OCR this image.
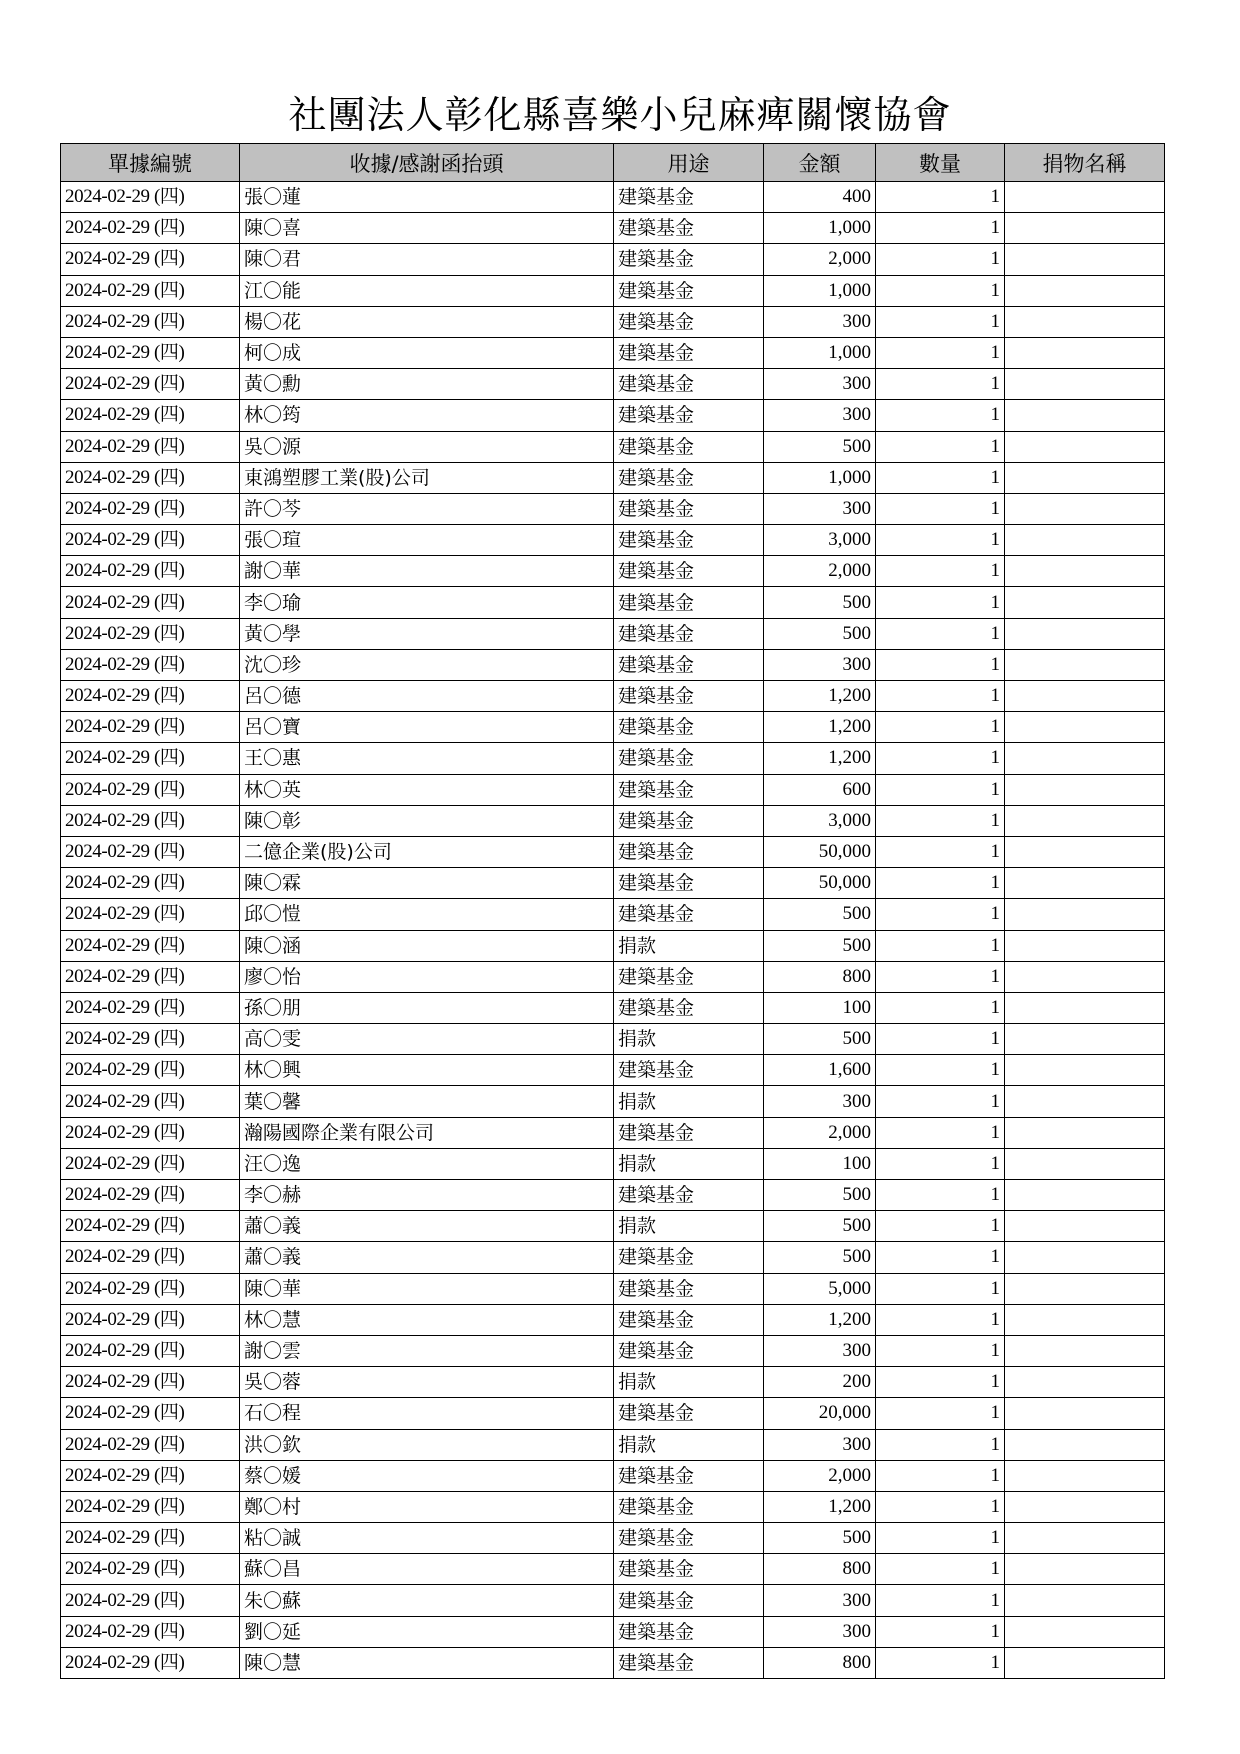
社團法人彰化縣喜樂小兒麻痺關懷協會
單據編號	收據/感謝函抬頭	用途	金額	數量	捐物名稱
2024-02-29 (四)	張〇蓮	建築基金	400	1	
2024-02-29 (四)	陳〇喜	建築基金	1,000	1	
2024-02-29 (四)	陳〇君	建築基金	2,000	1	
2024-02-29 (四)	江〇能	建築基金	1,000	1	
2024-02-29 (四)	楊〇花	建築基金	300	1	
2024-02-29 (四)	柯〇成	建築基金	1,000	1	
2024-02-29 (四)	黃〇勳	建築基金	300	1	
2024-02-29 (四)	林〇筠	建築基金	300	1	
2024-02-29 (四)	吳〇源	建築基金	500	1	
2024-02-29 (四)	東鴻塑膠工業(股)公司	建築基金	1,000	1	
2024-02-29 (四)	許〇芩	建築基金	300	1	
2024-02-29 (四)	張〇瑄	建築基金	3,000	1	
2024-02-29 (四)	謝〇華	建築基金	2,000	1	
2024-02-29 (四)	李〇瑜	建築基金	500	1	
2024-02-29 (四)	黃〇學	建築基金	500	1	
2024-02-29 (四)	沈〇珍	建築基金	300	1	
2024-02-29 (四)	呂〇德	建築基金	1,200	1	
2024-02-29 (四)	呂〇寶	建築基金	1,200	1	
2024-02-29 (四)	王〇惠	建築基金	1,200	1	
2024-02-29 (四)	林〇英	建築基金	600	1	
2024-02-29 (四)	陳〇彰	建築基金	3,000	1	
2024-02-29 (四)	二億企業(股)公司	建築基金	50,000	1	
2024-02-29 (四)	陳〇霖	建築基金	50,000	1	
2024-02-29 (四)	邱〇愷	建築基金	500	1	
2024-02-29 (四)	陳〇涵	捐款	500	1	
2024-02-29 (四)	廖〇怡	建築基金	800	1	
2024-02-29 (四)	孫〇朋	建築基金	100	1	
2024-02-29 (四)	高〇雯	捐款	500	1	
2024-02-29 (四)	林〇興	建築基金	1,600	1	
2024-02-29 (四)	葉〇馨	捐款	300	1	
2024-02-29 (四)	瀚陽國際企業有限公司	建築基金	2,000	1	
2024-02-29 (四)	汪〇逸	捐款	100	1	
2024-02-29 (四)	李〇赫	建築基金	500	1	
2024-02-29 (四)	蕭〇義	捐款	500	1	
2024-02-29 (四)	蕭〇義	建築基金	500	1	
2024-02-29 (四)	陳〇華	建築基金	5,000	1	
2024-02-29 (四)	林〇慧	建築基金	1,200	1	
2024-02-29 (四)	謝〇雲	建築基金	300	1	
2024-02-29 (四)	吳〇蓉	捐款	200	1	
2024-02-29 (四)	石〇程	建築基金	20,000	1	
2024-02-29 (四)	洪〇欽	捐款	300	1	
2024-02-29 (四)	蔡〇媛	建築基金	2,000	1	
2024-02-29 (四)	鄭〇村	建築基金	1,200	1	
2024-02-29 (四)	粘〇誠	建築基金	500	1	
2024-02-29 (四)	蘇〇昌	建築基金	800	1	
2024-02-29 (四)	朱〇蘇	建築基金	300	1	
2024-02-29 (四)	劉〇延	建築基金	300	1	
2024-02-29 (四)	陳〇慧	建築基金	800	1	
